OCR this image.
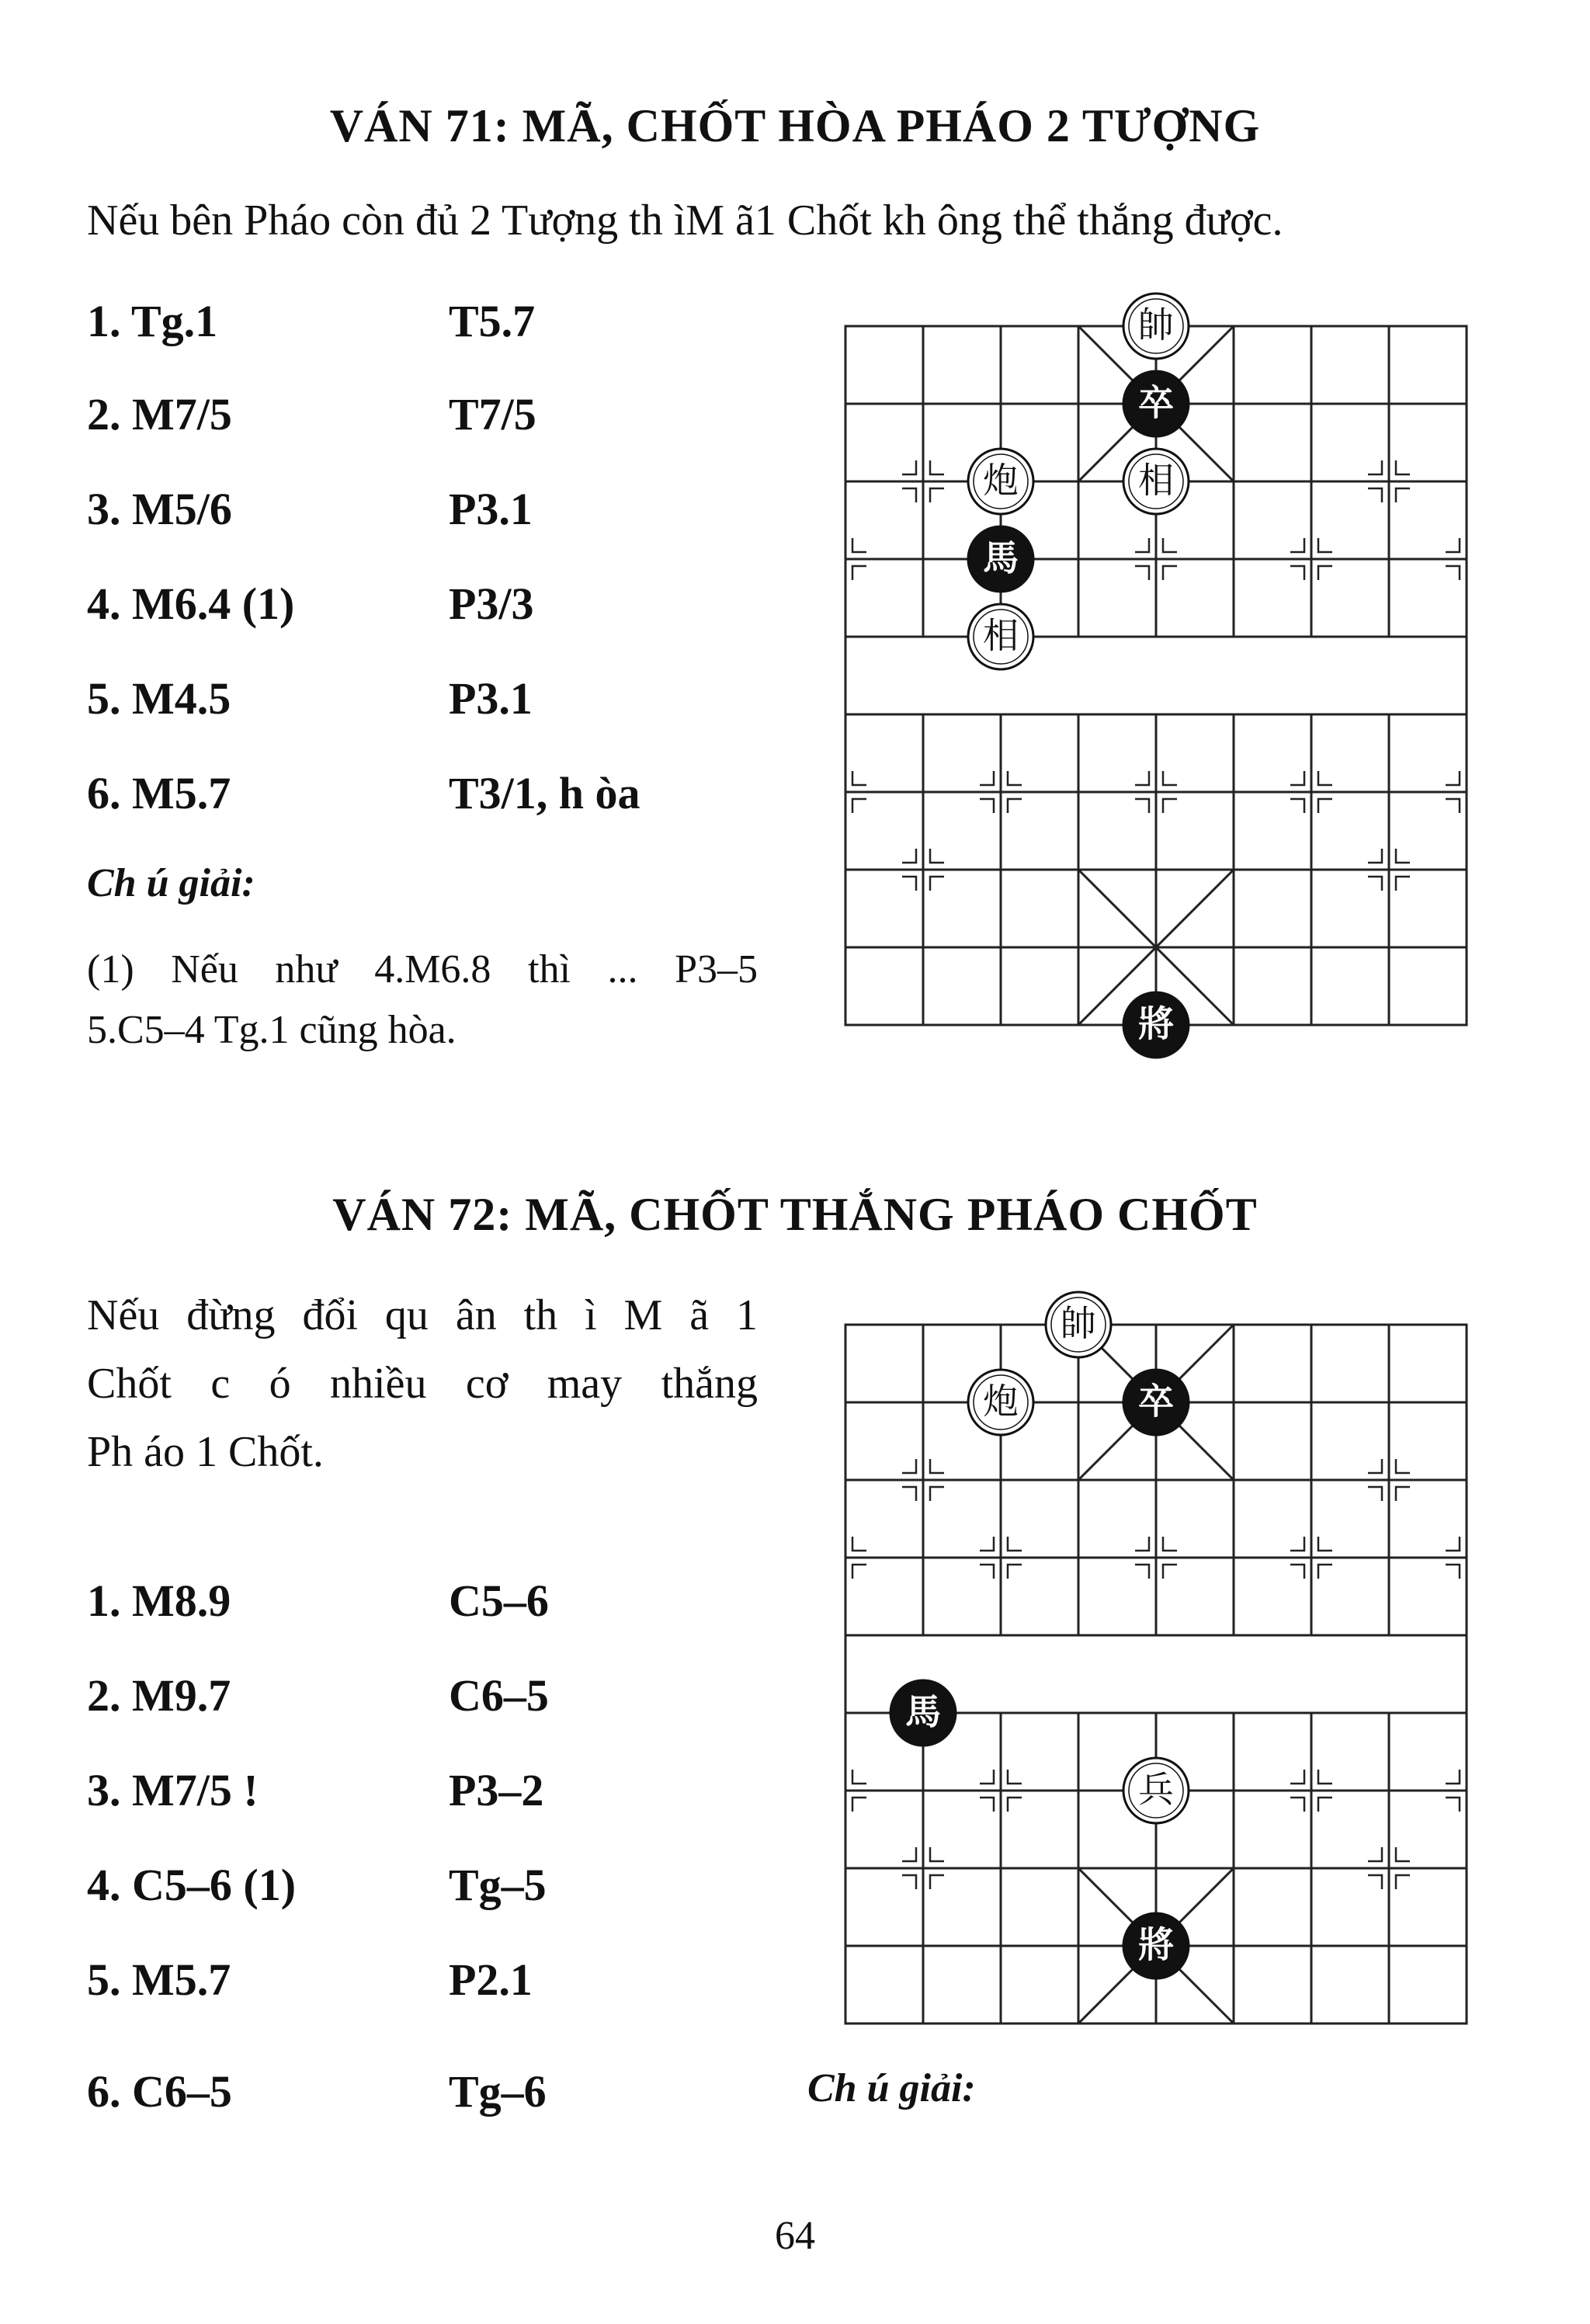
VÁN 71: MÃ, CHỐT HÒA PHÁO 2 TƯỢNG
Nếu bên Pháo còn đủ 2 Tượng th ìM ã1 Chốt kh ông thể thắng được.
1. Tg.1	T5.7
2. M7/5	T7/5
3. M5/6	P3.1
4. M6.4 (1)	P3/3
5. M4.5	P3.1
6. M5.7	T3/1, h òa
Ch ú giải:
(1) Nếu như 4.M6.8 thì ... P3–5
5.C5–4 Tg.1 cũng hòa.
帥
卒
炮	相
馬
相
將
VÁN 72: MÃ, CHỐT THẮNG PHÁO CHỐT
Nếu đừng đổi qu ân th ì M ã 1
Chốt c ó nhiều cơ may thắng
Ph áo 1 Chốt.
1. M8.9	C5–6
2. M9.7	C6–5
3. M7/5 !	P3–2
4. C5–6 (1)	Tg–5
5. M5.7	P2.1
6. C6–5	Tg–6	Ch ú giải:
帥
炮	卒
馬
兵
將
64
